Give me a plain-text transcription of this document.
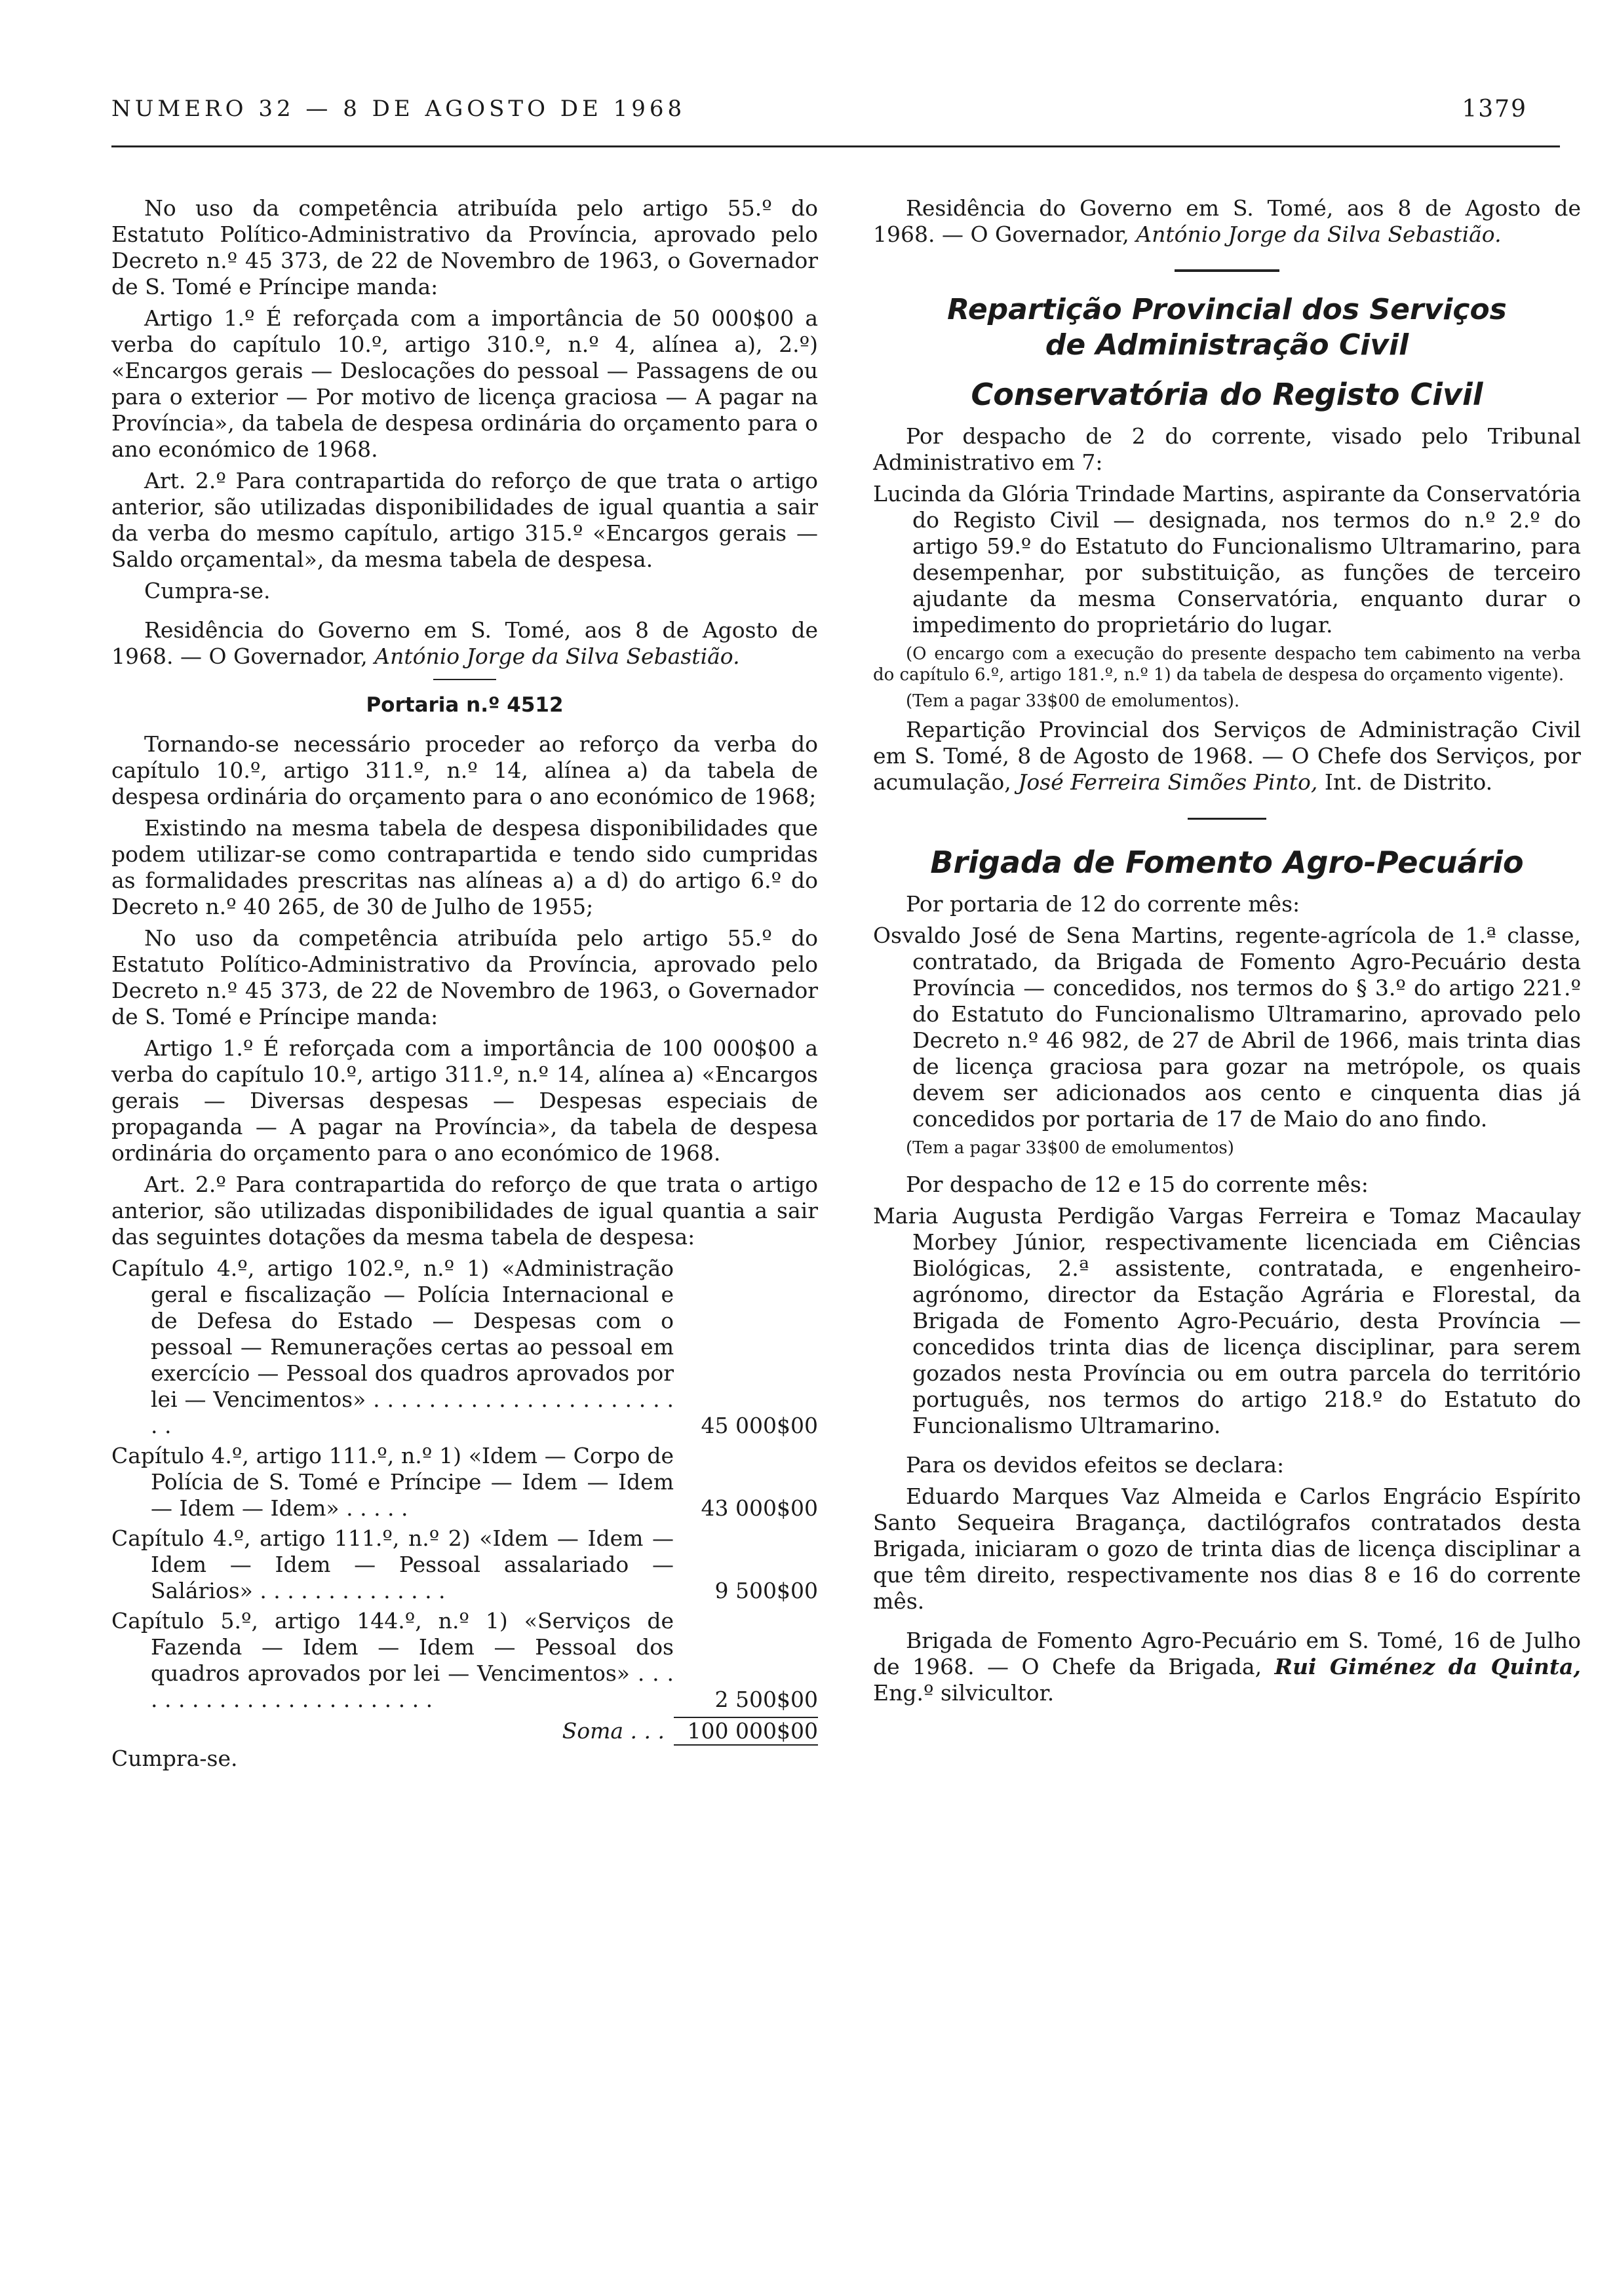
NUMERO 32 — 8 DE AGOSTO DE 1968	1379

No uso da competência atribuída pelo artigo 55.º do Estatuto Político-Administrativo da Província, aprovado pelo Decreto n.º 45 373, de 22 de Novembro de 1963, o Governador de S. Tomé e Príncipe manda:

Artigo 1.º É reforçada com a importância de 50 000$00 a verba do capítulo 10.º, artigo 310.º, n.º 4, alínea a), 2.º) «Encargos gerais — Deslocações do pessoal — Passagens de ou para o exterior — Por motivo de licença graciosa — A pagar na Província», da tabela de despesa ordinária do orçamento para o ano económico de 1968.

Art. 2.º Para contrapartida do reforço de que trata o artigo anterior, são utilizadas disponibilidades de igual quantia a sair da verba do mesmo capítulo, artigo 315.º «Encargos gerais — Saldo orçamental», da mesma tabela de despesa.

Cumpra-se.

Residência do Governo em S. Tomé, aos 8 de Agosto de 1968. — O Governador, António Jorge da Silva Sebastião.

Portaria n.º 4512

Tornando-se necessário proceder ao reforço da verba do capítulo 10.º, artigo 311.º, n.º 14, alínea a) da tabela de despesa ordinária do orçamento para o ano económico de 1968;

Existindo na mesma tabela de despesa disponibilidades que podem utilizar-se como contrapartida e tendo sido cumpridas as formalidades prescritas nas alíneas a) a d) do artigo 6.º do Decreto n.º 40 265, de 30 de Julho de 1955;

No uso da competência atribuída pelo artigo 55.º do Estatuto Político-Administrativo da Província, aprovado pelo Decreto n.º 45 373, de 22 de Novembro de 1963, o Governador de S. Tomé e Príncipe manda:

Artigo 1.º É reforçada com a importância de 100 000$00 a verba do capítulo 10.º, artigo 311.º, n.º 14, alínea a) «Encargos gerais — Diversas despesas — Despesas especiais de propaganda — A pagar na Província», da tabela de despesa ordinária do orçamento para o ano económico de 1968.

Art. 2.º Para contrapartida do reforço de que trata o artigo anterior, são utilizadas disponibilidades de igual quantia a sair das seguintes dotações da mesma tabela de despesa:

Capítulo 4.º, artigo 102.º, n.º 1) «Administração geral e fiscalização — Polícia Internacional e de Defesa do Estado — Despesas com o pessoal — Remunerações certas ao pessoal em exercício — Pessoal dos quadros aprovados por lei — Vencimentos» . . . . . . . . . . . . . . . . . . . . . . . .	45 000$00
Capítulo 4.º, artigo 111.º, n.º 1) «Idem — Corpo de Polícia de S. Tomé e Príncipe — Idem — Idem — Idem — Idem» . . . . .	43 000$00
Capítulo 4.º, artigo 111.º, n.º 2) «Idem — Idem — Idem — Idem — Pessoal assalariado — Salários» . . . . . . . . . . . . . .	9 500$00
Capítulo 5.º, artigo 144.º, n.º 1) «Serviços de Fazenda — Idem — Idem — Pessoal dos quadros aprovados por lei — Vencimentos» . . . . . . . . . . . . . . . . . . . . . . . .	2 500$00
Soma . . .	100 000$00

Cumpra-se.

Residência do Governo em S. Tomé, aos 8 de Agosto de 1968. — O Governador, António Jorge da Silva Sebastião.

Repartição Provincial dos Serviços
de Administração Civil
Conservatória do Registo Civil

Por despacho de 2 do corrente, visado pelo Tribunal Administrativo em 7:

Lucinda da Glória Trindade Martins, aspirante da Conservatória do Registo Civil — designada, nos termos do n.º 2.º do artigo 59.º do Estatuto do Funcionalismo Ultramarino, para desempenhar, por substituição, as funções de terceiro ajudante da mesma Conservatória, enquanto durar o impedimento do proprietário do lugar.

(O encargo com a execução do presente despacho tem cabimento na verba do capítulo 6.º, artigo 181.º, n.º 1) da tabela de despesa do orçamento vigente).

(Tem a pagar 33$00 de emolumentos).

Repartição Provincial dos Serviços de Administração Civil em S. Tomé, 8 de Agosto de 1968. — O Chefe dos Serviços, por acumulação, José Ferreira Simões Pinto, Int. de Distrito.

Brigada de Fomento Agro-Pecuário

Por portaria de 12 do corrente mês:

Osvaldo José de Sena Martins, regente-agrícola de 1.ª classe, contratado, da Brigada de Fomento Agro-Pecuário desta Província — concedidos, nos termos do § 3.º do artigo 221.º do Estatuto do Funcionalismo Ultramarino, aprovado pelo Decreto n.º 46 982, de 27 de Abril de 1966, mais trinta dias de licença graciosa para gozar na metrópole, os quais devem ser adicionados aos cento e cinquenta dias já concedidos por portaria de 17 de Maio do ano findo.

(Tem a pagar 33$00 de emolumentos)

Por despacho de 12 e 15 do corrente mês:

Maria Augusta Perdigão Vargas Ferreira e Tomaz Macaulay Morbey Júnior, respectivamente licenciada em Ciências Biológicas, 2.ª assistente, contratada, e engenheiro-agrónomo, director da Estação Agrária e Florestal, da Brigada de Fomento Agro-Pecuário, desta Província — concedidos trinta dias de licença disciplinar, para serem gozados nesta Província ou em outra parcela do território português, nos termos do artigo 218.º do Estatuto do Funcionalismo Ultramarino.

Para os devidos efeitos se declara:

Eduardo Marques Vaz Almeida e Carlos Engrácio Espírito Santo Sequeira Bragança, dactilógrafos contratados desta Brigada, iniciaram o gozo de trinta dias de licença disciplinar a que têm direito, respectivamente nos dias 8 e 16 do corrente mês.

Brigada de Fomento Agro-Pecuário em S. Tomé, 16 de Julho de 1968. — O Chefe da Brigada, Rui Giménez da Quinta, Eng.º silvicultor.
